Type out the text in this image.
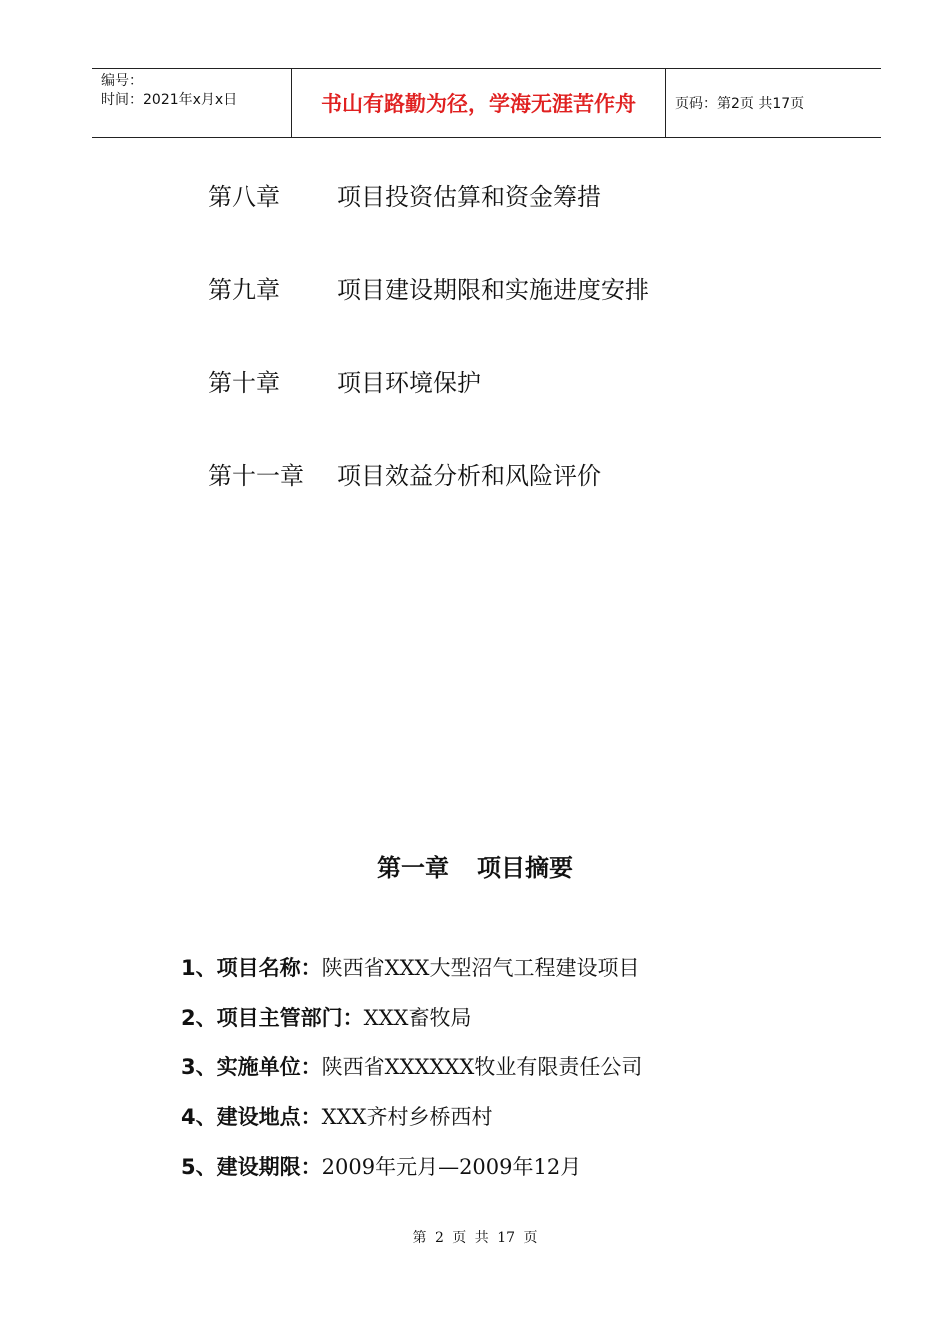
编号：
时间：2021年x月x日	书山有路勤为径，学海无涯苦作舟	页码：第2页 共17页
第八章	项目投资估算和资金筹措
第九章	项目建设期限和实施进度安排
第十章	项目环境保护
第十一章	项目效益分析和风险评价
第一章 项目摘要
1、项目名称：陕西省XXX大型沼气工程建设项目
2、项目主管部门：XXX畜牧局
3、实施单位：陕西省XXXXXX牧业有限责任公司
4、建设地点：XXX齐村乡桥西村
5、建设期限：2009年元月—2009年12月
第 2 页 共 17 页
